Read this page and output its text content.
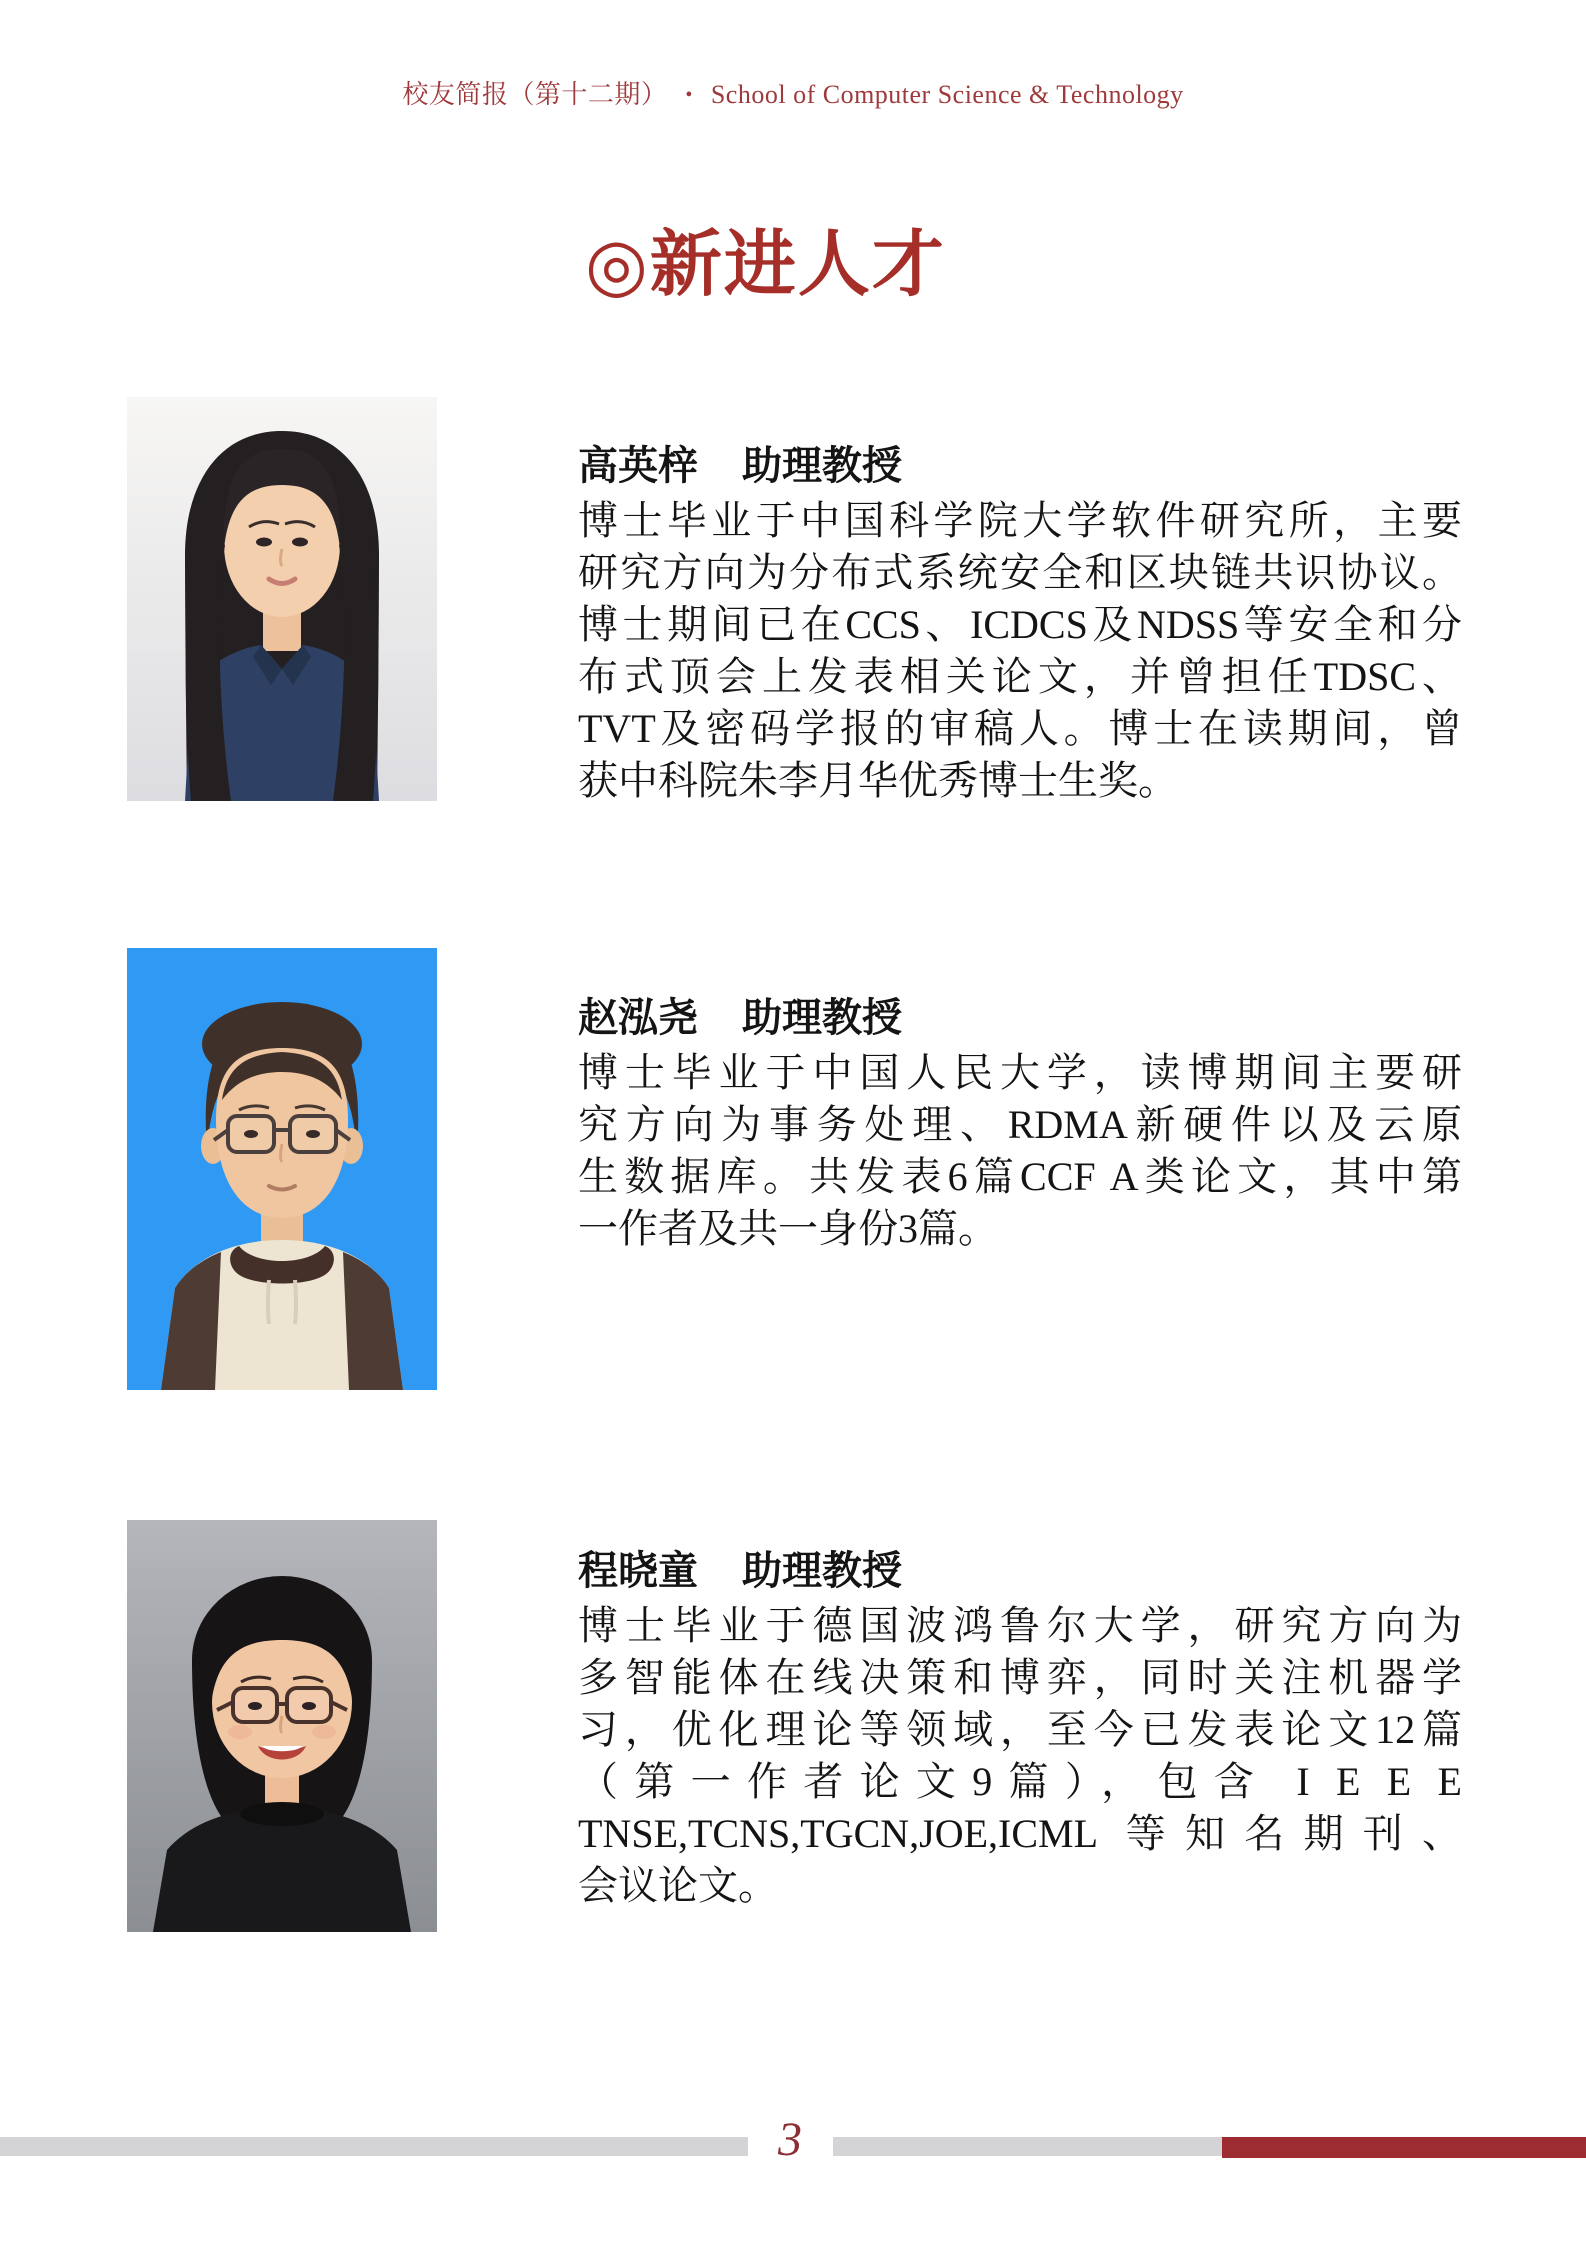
校友简报（第十二期） • School of Computer Science & Technology
◎新进人才
高英梓 助理教授
博士毕业于中国科学院大学软件研究所，主要
研究方向为分布式系统安全和区块链共识协议。
博士期间已在CCS、ICDCS及NDSS等安全和分
布式顶会上发表相关论文，并曾担任TDSC、
TVT及密码学报的审稿人。博士在读期间，曾
获中科院朱李月华优秀博士生奖。
赵泓尧 助理教授
博士毕业于中国人民大学，读博期间主要研
究方向为事务处理、RDMA新硬件以及云原
生数据库。共发表6篇CCF A类论文，其中第
一作者及共一身份3篇。
程晓童 助理教授
博士毕业于德国波鸿鲁尔大学，研究方向为
多智能体在线决策和博弈，同时关注机器学
习，优化理论等领域，至今已发表论文12篇
（第一作者论文9篇），包含 I E E E
TNSE,TCNS,TGCN,JOE,ICML 等知名期刊、
会议论文。
3
